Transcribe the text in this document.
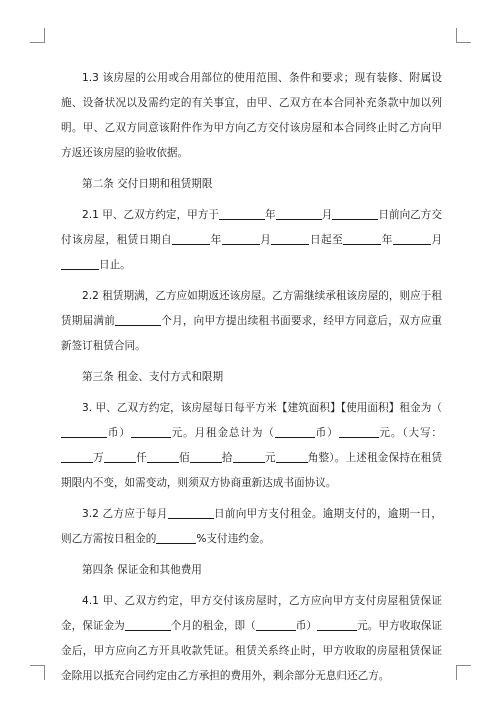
1.3 该房屋的公用或合用部位的使用范围、条件和要求；现有装修、附属设施、设备状况以及需约定的有关事宜，由甲、乙双方在本合同补充条款中加以列明。甲、乙双方同意该附件作为甲方向乙方交付该房屋和本合同终止时乙方向甲方返还该房屋的验收依据。

第二条 交付日期和租赁期限

2.1 甲、乙双方约定，甲方于	年	月	日前向乙方交付该房屋，租赁日期自	年	月	日起至	年	月日止。

2.2 租赁期满，乙方应如期返还该房屋。乙方需继续承租该房屋的，则应于租赁期届满前	个月，向甲方提出续租书面要求，经甲方同意后，双方应重新签订租赁合同。

第三条 租金、支付方式和限期

3. 甲、乙双方约定，该房屋每日每平方米【建筑面积】【使用面积】租金为（币）	元。月租金总计为（	币）	元。（大写：万	仟	佰	拾	元	角整）。上述租金保持在租赁期限内不变，如需变动，则须双方协商重新达成书面协议。

3.2 乙方应于每月	日前向甲方支付租金。逾期支付的，逾期一日，则乙方需按日租金的	%支付违约金。

第四条 保证金和其他费用

4.1 甲、乙双方约定，甲方交付该房屋时，乙方应向甲方支付房屋租赁保证金，保证金为	个月的租金，即（	币）	元。甲方收取保证金后，甲方应向乙方开具收款凭证。租赁关系终止时，甲方收取的房屋租赁保证金除用以抵充合同约定由乙方承担的费用外，剩余部分无息归还乙方。
